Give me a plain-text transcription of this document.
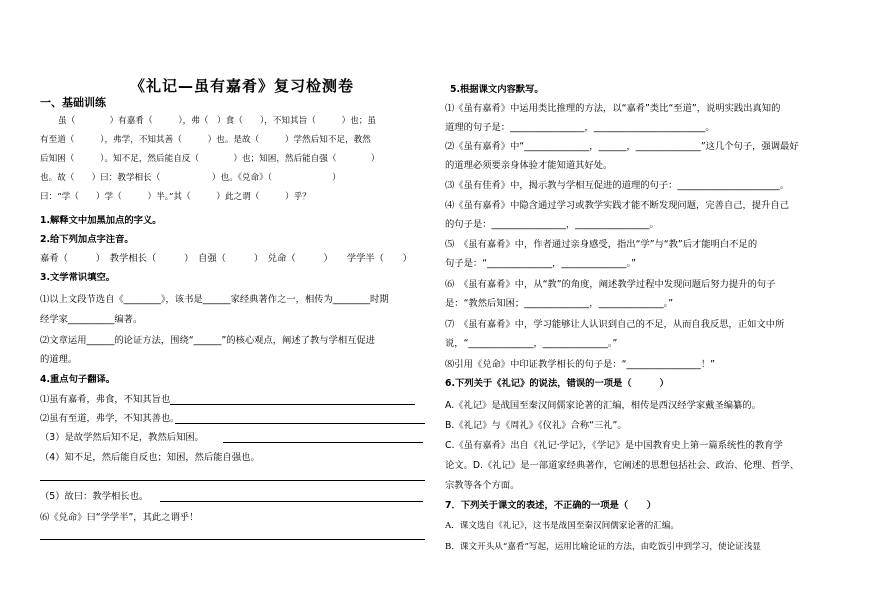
《礼记—虽有嘉肴》复习检测卷
一、基础训练
虽（　　　　）有嘉肴（　　　），弗（　）食（　　），不知其旨（　　　）也；虽
有至道（　　　），弗学，不知其善（　　　）也。是故（　　　）学然后知不足，教然
后知困（　　　）。知不足，然后能自反（　　　　）也；知困，然后能自强（　　　　）
也。故（　　）曰：教学相长（　　　　　　）也。《兑命》（　　　　　　　）
曰：“学（　　）学（　　　）半。”其（　　　）此之谓（　　　）乎？
1.解释文中加黑加点的字义。
2.给下列加点字注音。
嘉肴（　　　）　教学相长（　　　）　自强（　　　）　兑命（　　　）　　学学半（　　）
3.文学常识填空。
⑴以上文段节选自《________》，该书是______家经典著作之一，相传为________时期
经学家__________编著。
⑵文章运用______的论证方法，围绕“______”的核心观点，阐述了教与学相互促进
的道理。
4.重点句子翻译。
⑴虽有嘉肴，弗食，不知其旨也
⑵虽有至道，弗学，不知其善也。
（3）是故学然后知不足，教然后知困。
（4）知不足，然后能自反也；知困，然后能自强也。
（5）故曰：教学相长也。
⑹《兑命》曰“学学半”，其此之谓乎！
5.根据课文内容默写。
⑴《虽有嘉肴》中运用类比推理的方法，以“嘉肴”类比“至道”，说明实践出真知的
道理的句子是：________________，________________________。
⑵《虽有嘉肴》中“______________，______，______________”这几个句子，强调最好
的道理必须要亲身体验才能知道其好处。
⑶《虽有佳肴》中，揭示教与学相互促进的道理的句子：______________________。
⑷《虽有嘉肴》中隐含通过学习或教学实践才能不断发现问题，完善自己，提升自己
的句子是：________________，________________。
⑸　《虽有嘉肴》中，作者通过亲身感受，指出“学”与“教”后才能明白不足的
句子是：“______________，______________。”
⑹　《虽有嘉肴》中，从“教”的角度，阐述教学过程中发现问题后努力提升的句子
是：“教然后知困；______________，______________。”
⑺　《虽有嘉肴》中，学习能够让人认识到自己的不足，从而自我反思，正如文中所
说，“______________，______________。”
⑻引用《兑命》中印证教学相长的句子是：“________________！”
6.下列关于《礼记》的说法，错误的一项是（　　　）
A.《礼记》是战国至秦汉间儒家论著的汇编，相传是西汉经学家戴圣编纂的。
B.《礼记》与《周礼》《仪礼》合称“三礼”。
C.《虽有嘉肴》出自《礼记·学记》，《学记》是中国教育史上第一篇系统性的教育学
论文。D.《礼记》是一部道家经典著作，它阐述的思想包括社会、政治、伦理、哲学、
宗教等各个方面。
7．下列关于课文的表述，不正确的一项是（　　）
A．课文选自《礼记》，这书是战国至秦汉间儒家论著的汇编。
B．课文开头从“嘉肴”写起，运用比喻论证的方法，由吃饭引申到学习，使论证浅显
